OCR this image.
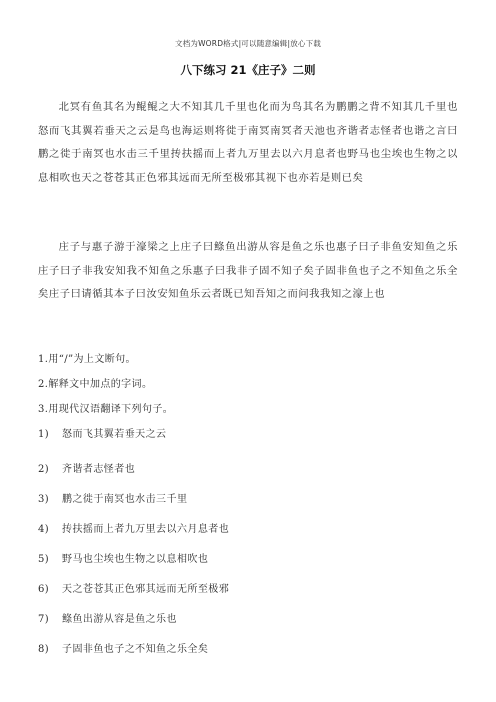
文档为WORD格式|可以随意编辑|放心下载
八下练习 21《庄子》二则
北冥有鱼其名为鲲鲲之大不知其几千里也化而为鸟其名为鹏鹏之背不知其几千里也怒而飞其翼若垂天之云是鸟也海运则将徙于南冥南冥者天池也齐谐者志怪者也谐之言曰鹏之徙于南冥也水击三千里抟扶摇而上者九万里去以六月息者也野马也尘埃也生物之以息相吹也天之苍苍其正色邪其远而无所至极邪其视下也亦若是则已矣
庄子与惠子游于濠梁之上庄子曰鲦鱼出游从容是鱼之乐也惠子曰子非鱼安知鱼之乐庄子曰子非我安知我不知鱼之乐惠子曰我非子固不知子矣子固非鱼也子之不知鱼之乐全矣庄子曰请循其本子曰汝安知鱼乐云者既已知吾知之而问我我知之濠上也
1.用“/”为上文断句。
2.解释文中加点的字词。
3.用现代汉语翻译下列句子。
1) 怒而飞其翼若垂天之云
2) 齐谐者志怪者也
3) 鹏之徙于南冥也水击三千里
4) 抟扶摇而上者九万里去以六月息者也
5) 野马也尘埃也生物之以息相吹也
6) 天之苍苍其正色邪其远而无所至极邪
7) 鲦鱼出游从容是鱼之乐也
8) 子固非鱼也子之不知鱼之乐全矣
